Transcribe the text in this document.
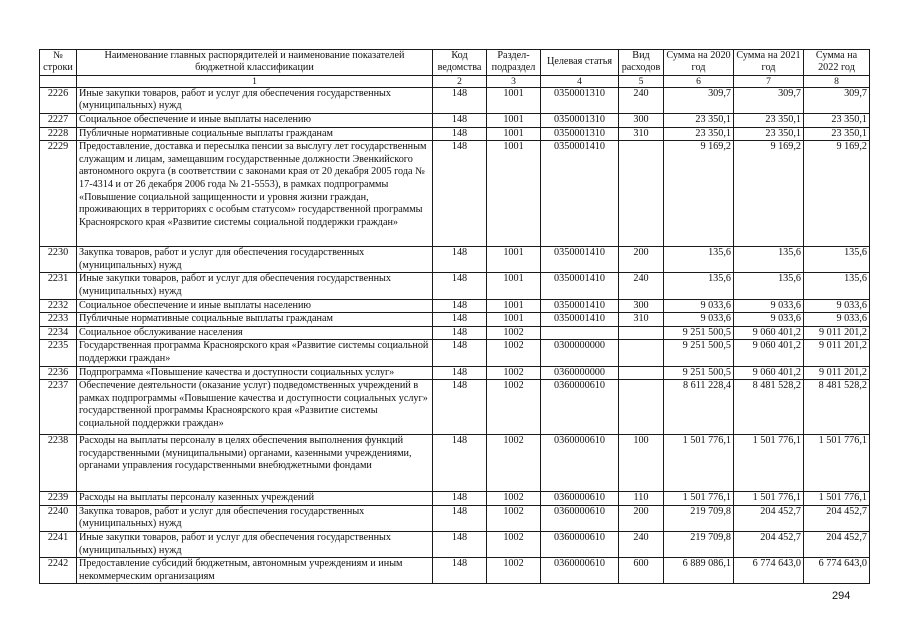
№ строки	Наименование главных распорядителей и наименование показателей бюджетной классификации	Код ведомства	Раздел-подраздел	Целевая статья	Вид расходов	Сумма на 2020 год	Сумма на 2021 год	Сумма на 2022 год
	1	2	3	4	5	6	7	8
2226	Иные закупки товаров, работ и услуг для обеспечения государственных (муниципальных) нужд	148	1001	0350001310	240	309,7	309,7	309,7
2227	Социальное обеспечение и иные выплаты населению	148	1001	0350001310	300	23 350,1	23 350,1	23 350,1
2228	Публичные нормативные социальные выплаты гражданам	148	1001	0350001310	310	23 350,1	23 350,1	23 350,1
2229	Предоставление, доставка и пересылка пенсии за выслугу лет государственным служащим и лицам, замещавшим государственные должности Эвенкийского автономного округа (в соответствии с законами края от 20 декабря 2005 года № 17-4314 и от 26 декабря 2006 года № 21-5553), в рамках подпрограммы «Повышение социальной защищенности и уровня жизни граждан, проживающих в территориях с особым статусом» государственной программы Красноярского края «Развитие системы социальной поддержки граждан»	148	1001	0350001410		9 169,2	9 169,2	9 169,2
2230	Закупка товаров, работ и услуг для обеспечения государственных (муниципальных) нужд	148	1001	0350001410	200	135,6	135,6	135,6
2231	Иные закупки товаров, работ и услуг для обеспечения государственных (муниципальных) нужд	148	1001	0350001410	240	135,6	135,6	135,6
2232	Социальное обеспечение и иные выплаты населению	148	1001	0350001410	300	9 033,6	9 033,6	9 033,6
2233	Публичные нормативные социальные выплаты гражданам	148	1001	0350001410	310	9 033,6	9 033,6	9 033,6
2234	Социальное обслуживание населения	148	1002			9 251 500,5	9 060 401,2	9 011 201,2
2235	Государственная программа Красноярского края «Развитие системы социальной поддержки граждан»	148	1002	0300000000		9 251 500,5	9 060 401,2	9 011 201,2
2236	Подпрограмма «Повышение качества и доступности социальных услуг»	148	1002	0360000000		9 251 500,5	9 060 401,2	9 011 201,2
2237	Обеспечение деятельности (оказание услуг) подведомственных учреждений в рамках подпрограммы «Повышение качества и доступности социальных услуг» государственной программы Красноярского края «Развитие системы социальной поддержки граждан»	148	1002	0360000610		8 611 228,4	8 481 528,2	8 481 528,2
2238	Расходы на выплаты персоналу в целях обеспечения выполнения функций государственными (муниципальными) органами, казенными учреждениями, органами управления государственными внебюджетными фондами	148	1002	0360000610	100	1 501 776,1	1 501 776,1	1 501 776,1
2239	Расходы на выплаты персоналу казенных учреждений	148	1002	0360000610	110	1 501 776,1	1 501 776,1	1 501 776,1
2240	Закупка товаров, работ и услуг для обеспечения государственных (муниципальных) нужд	148	1002	0360000610	200	219 709,8	204 452,7	204 452,7
2241	Иные закупки товаров, работ и услуг для обеспечения государственных (муниципальных) нужд	148	1002	0360000610	240	219 709,8	204 452,7	204 452,7
2242	Предоставление субсидий бюджетным, автономным учреждениям и иным некоммерческим организациям	148	1002	0360000610	600	6 889 086,1	6 774 643,0	6 774 643,0
294
